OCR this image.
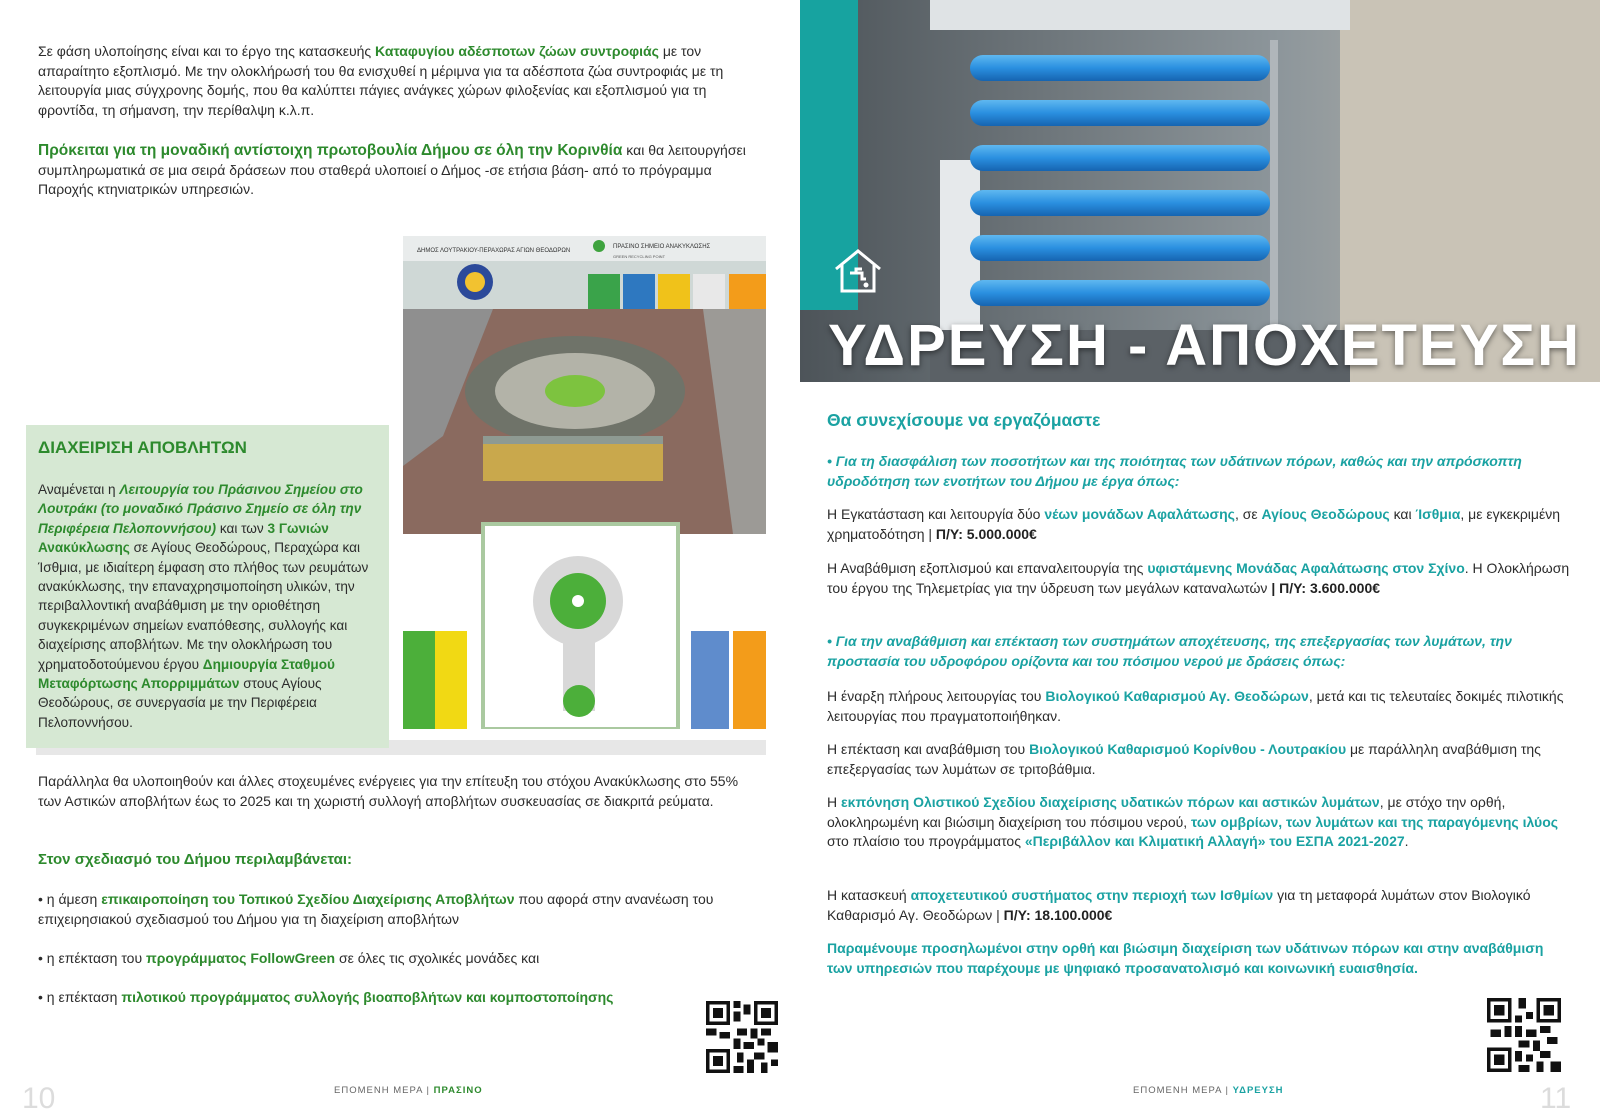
Σε φάση υλοποίησης είναι και το έργο της κατασκευής Καταφυγίου αδέσποτων ζώων συντροφιάς με τον απαραίτητο εξοπλισμό. Με την ολοκλήρωσή του θα ενισχυθεί η μέριμνα για τα αδέσποτα ζώα συντροφιάς με τη λειτουργία μιας σύγχρονης δομής, που θα καλύπτει πάγιες ανάγκες χώρων φιλοξενίας και εξοπλισμού για τη φροντίδα, τη σήμανση, την περίθαλψη κ.λ.π.

Πρόκειται για τη μοναδική αντίστοιχη πρωτοβουλία Δήμου σε όλη την Κορινθία και θα λειτουργήσει συμπληρωματικά σε μια σειρά δράσεων που σταθερά υλοποιεί ο Δήμος -σε ετήσια βάση- από το πρόγραμμα Παροχής κτηνιατρικών υπηρεσιών.

ΔΗΜΟΣ ΛΟΥΤΡΑΚΙΟΥ-ΠΕΡΑΧΩΡΑΣ ΑΓΙΩΝ ΘΕΟΔΩΡΩΝ
ΠΡΑΣΙΝΟ ΣΗΜΕΙΟ ΑΝΑΚΥΚΛΩΣΗΣ
GREEN RECYCLING POINT
ΔΙΑΧΕΙΡΙΣΗ ΑΠΟΒΛΗΤΩΝ

Αναμένεται η Λειτουργία του Πράσινου Σημείου στο Λουτράκι (το μοναδικό Πράσινο Σημείο σε όλη την Περιφέρεια Πελοποννήσου) και των 3 Γωνιών Ανακύκλωσης σε Αγίους Θεοδώρους, Περαχώρα και Ίσθμια, με ιδιαίτερη έμφαση στο πλήθος των ρευμάτων ανακύκλωσης, την επαναχρησιμοποίηση υλικών, την περιβαλλοντική αναβάθμιση με την οριοθέτηση συγκεκριμένων σημείων εναπόθεσης, συλλογής και διαχείρισης αποβλήτων. Με την ολοκλήρωση του χρηματοδοτούμενου έργου Δημιουργία Σταθμού Μεταφόρτωσης Απορριμμάτων στους Αγίους Θεοδώρους, σε συνεργασία με την Περιφέρεια Πελοποννήσου.

Παράλληλα θα υλοποιηθούν και άλλες στοχευμένες ενέργειες για την επίτευξη του στόχου Ανακύκλωσης στο 55% των Αστικών αποβλήτων έως το 2025 και τη χωριστή συλλογή αποβλήτων συσκευασίας σε διακριτά ρεύματα.
Στον σχεδιασμό του Δήμου περιλαμβάνεται:
• η άμεση επικαιροποίηση του Τοπικού Σχεδίου Διαχείρισης Αποβλήτων που αφορά στην ανανέωση του επιχειρησιακού σχεδιασμού του Δήμου για τη διαχείριση αποβλήτων
• η επέκταση του προγράμματος FollowGreen σε όλες τις σχολικές μονάδες και
• η επέκταση πιλοτικού προγράμματος συλλογής βιοαποβλήτων και κομποστοποίησης
ΕΠΟΜΕΝΗ ΜΕΡΑ | ΠΡΑΣΙΝΟ
10
ΥΔΡΕΥΣΗ - ΑΠΟΧΕΤΕΥΣΗ
Θα συνεχίσουμε να εργαζόμαστε
• Για τη διασφάλιση των ποσοτήτων και της ποιότητας των υδάτινων πόρων, καθώς και την απρόσκοπτη υδροδότηση των ενοτήτων του Δήμου με έργα όπως:
Η Εγκατάσταση και λειτουργία δύο νέων μονάδων Αφαλάτωσης, σε Αγίους Θεοδώρους και Ίσθμια, με εγκεκριμένη χρηματοδότηση | Π/Υ: 5.000.000€
Η Αναβάθμιση εξοπλισμού και επαναλειτουργία της υφιστάμενης Μονάδας Αφαλάτωσης στον Σχίνο. Η Ολοκλήρωση του έργου της Τηλεμετρίας για την ύδρευση των μεγάλων καταναλωτών | Π/Υ: 3.600.000€
• Για την αναβάθμιση και επέκταση των συστημάτων αποχέτευσης, της επεξεργασίας των λυμάτων, την προστασία του υδροφόρου ορίζοντα και του πόσιμου νερού με δράσεις όπως:
Η έναρξη πλήρους λειτουργίας του Βιολογικού Καθαρισμού Αγ. Θεοδώρων, μετά και τις τελευταίες δοκιμές πιλοτικής λειτουργίας που πραγματοποιήθηκαν.
Η επέκταση και αναβάθμιση του Βιολογικού Καθαρισμού Κορίνθου - Λουτρακίου με παράλληλη αναβάθμιση της επεξεργασίας των λυμάτων σε τριτοβάθμια.
Η εκπόνηση Ολιστικού Σχεδίου διαχείρισης υδατικών πόρων και αστικών λυμάτων, με στόχο την ορθή, ολοκληρωμένη και βιώσιμη διαχείριση του πόσιμου νερού, των ομβρίων, των λυμάτων και της παραγόμενης ιλύος στο πλαίσιο του προγράμματος «Περιβάλλον και Κλιματική Αλλαγή» του ΕΣΠΑ 2021-2027.
Η κατασκευή αποχετευτικού συστήματος στην περιοχή των Ισθμίων για τη μεταφορά λυμάτων στον Βιολογικό Καθαρισμό Αγ. Θεοδώρων | Π/Υ: 18.100.000€
Παραμένουμε προσηλωμένοι στην ορθή και βιώσιμη διαχείριση των υδάτινων πόρων και στην αναβάθμιση των υπηρεσιών που παρέχουμε με ψηφιακό προσανατολισμό και κοινωνική ευαισθησία.
ΕΠΟΜΕΝΗ ΜΕΡΑ | ΥΔΡΕΥΣΗ	11
